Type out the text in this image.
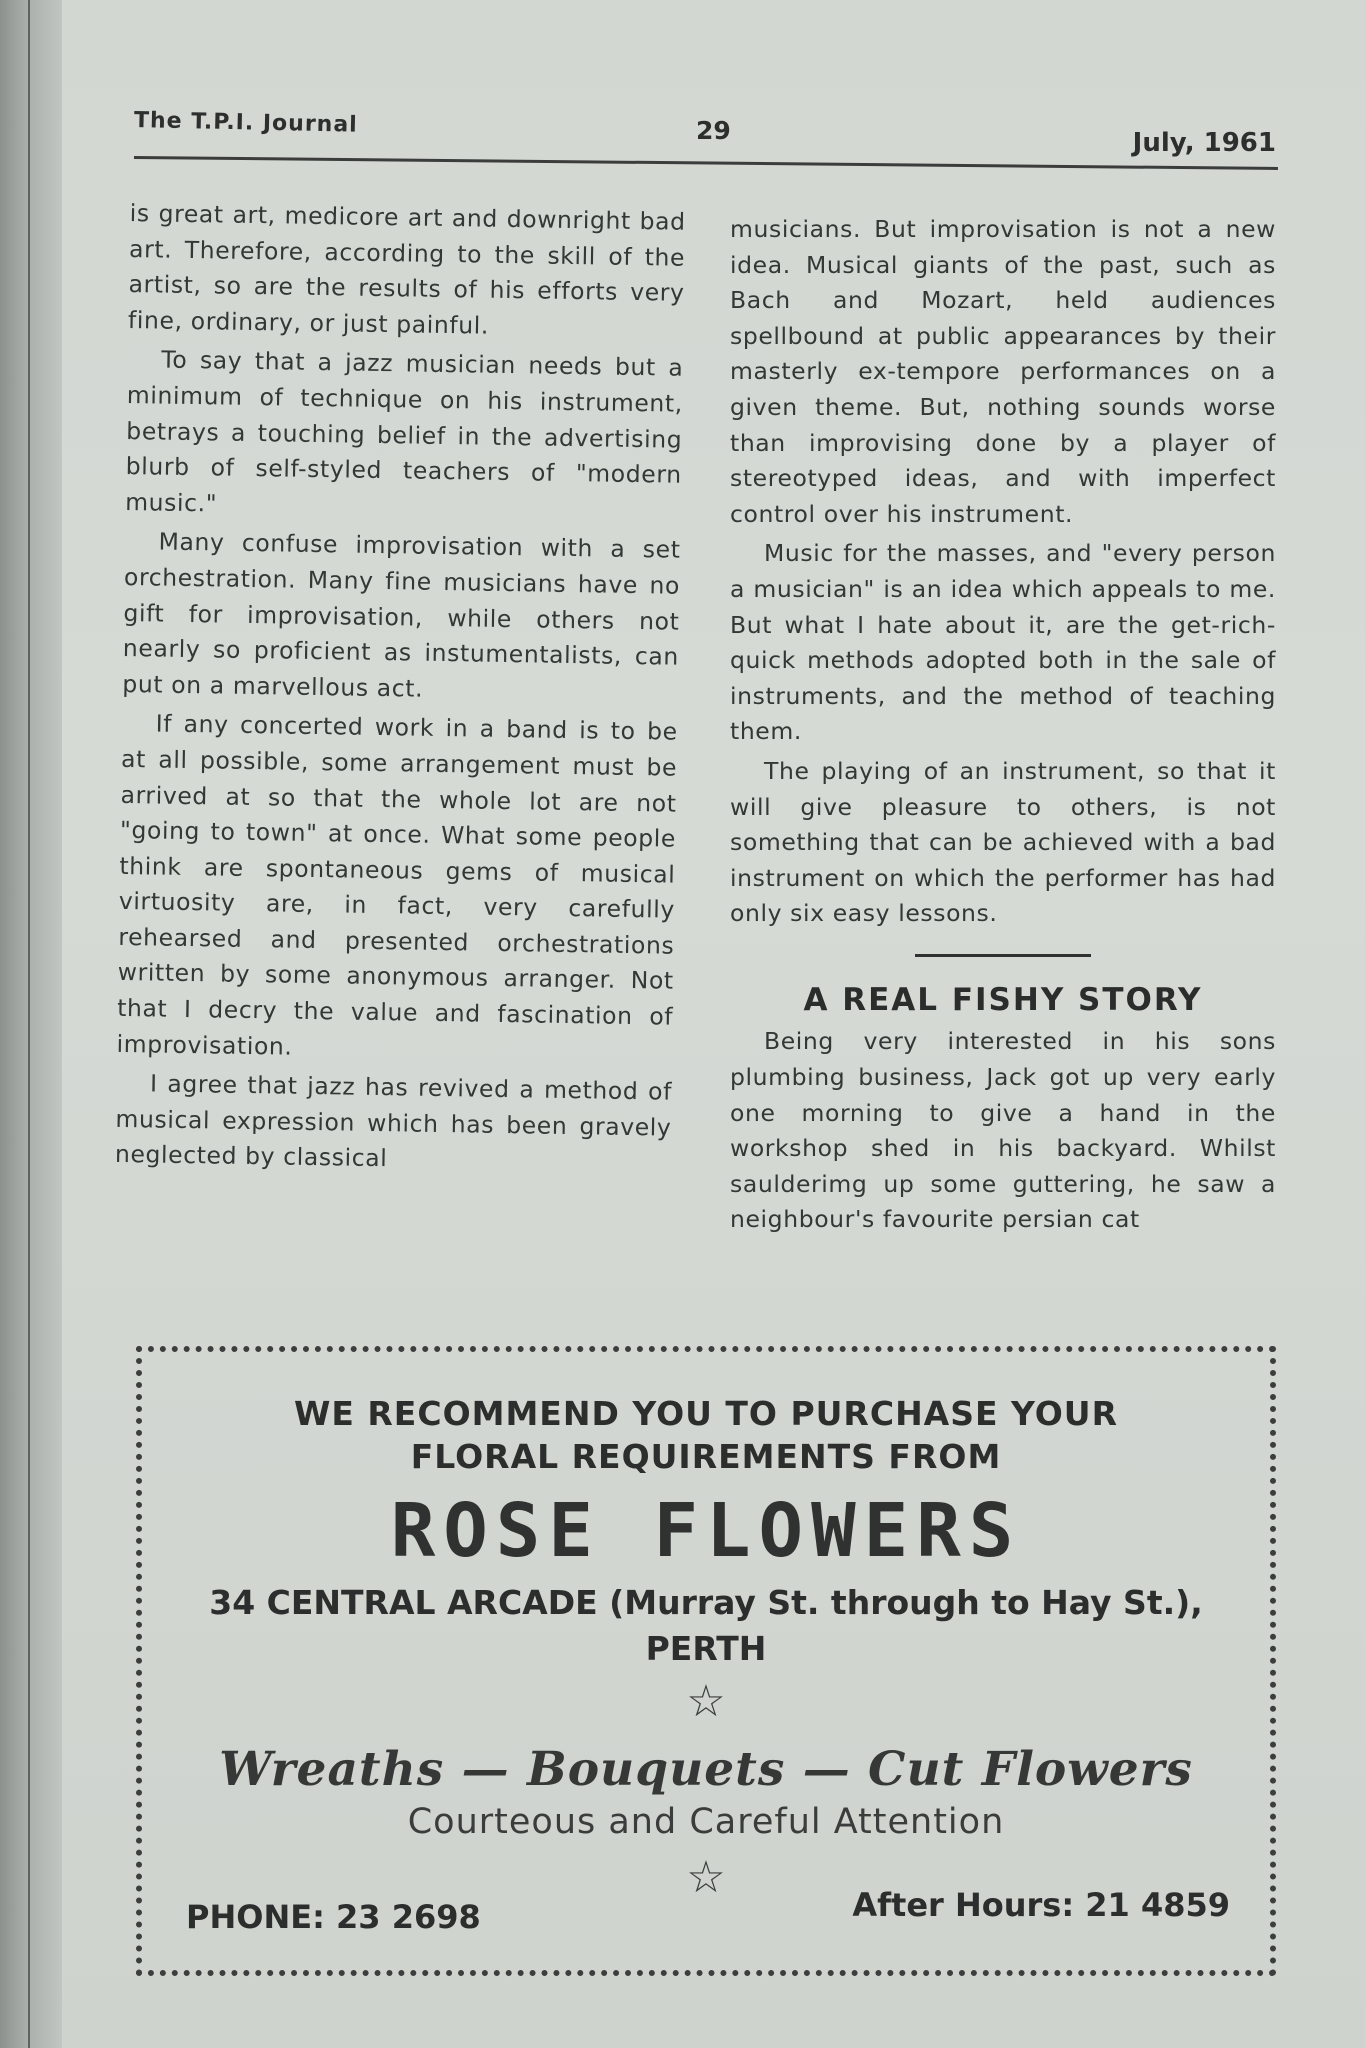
The T.P.I. Journal	29	July, 1961

is great art, medicore art and downright bad art. Therefore, according to the skill of the artist, so are the results of his efforts very fine, ordinary, or just painful.

To say that a jazz musician needs but a minimum of technique on his instrument, betrays a touching belief in the advertising blurb of self-styled teachers of "modern music."

Many confuse improvisation with a set orchestration. Many fine musicians have no gift for improvisation, while others not nearly so proficient as instumentalists, can put on a marvellous act.

If any concerted work in a band is to be at all possible, some arrangement must be arrived at so that the whole lot are not "going to town" at once. What some people think are spontaneous gems of musical virtuosity are, in fact, very carefully rehearsed and presented orchestrations written by some anonymous arranger. Not that I decry the value and fascination of improvisation.

I agree that jazz has revived a method of musical expression which has been gravely neglected by classical

musicians. But improvisation is not a new idea. Musical giants of the past, such as Bach and Mozart, held audiences spellbound at public appearances by their masterly ex-tempore performances on a given theme. But, nothing sounds worse than improvising done by a player of stereotyped ideas, and with imperfect control over his instrument.

Music for the masses, and "every person a musician" is an idea which appeals to me. But what I hate about it, are the get-rich-quick methods adopted both in the sale of instruments, and the method of teaching them.

The playing of an instrument, so that it will give pleasure to others, is not something that can be achieved with a bad instrument on which the performer has had only six easy lessons.

A REAL FISHY STORY

Being very interested in his sons plumbing business, Jack got up very early one morning to give a hand in the workshop shed in his backyard. Whilst saulderimg up some guttering, he saw a neighbour's favourite persian cat

WE RECOMMEND YOU TO PURCHASE YOUR
FLORAL REQUIREMENTS FROM
ROSE FLOWERS
34 CENTRAL ARCADE (Murray St. through to Hay St.),
PERTH
☆
Wreaths — Bouquets — Cut Flowers
Courteous and Careful Attention
☆
PHONE: 23 2698	After Hours: 21 4859
